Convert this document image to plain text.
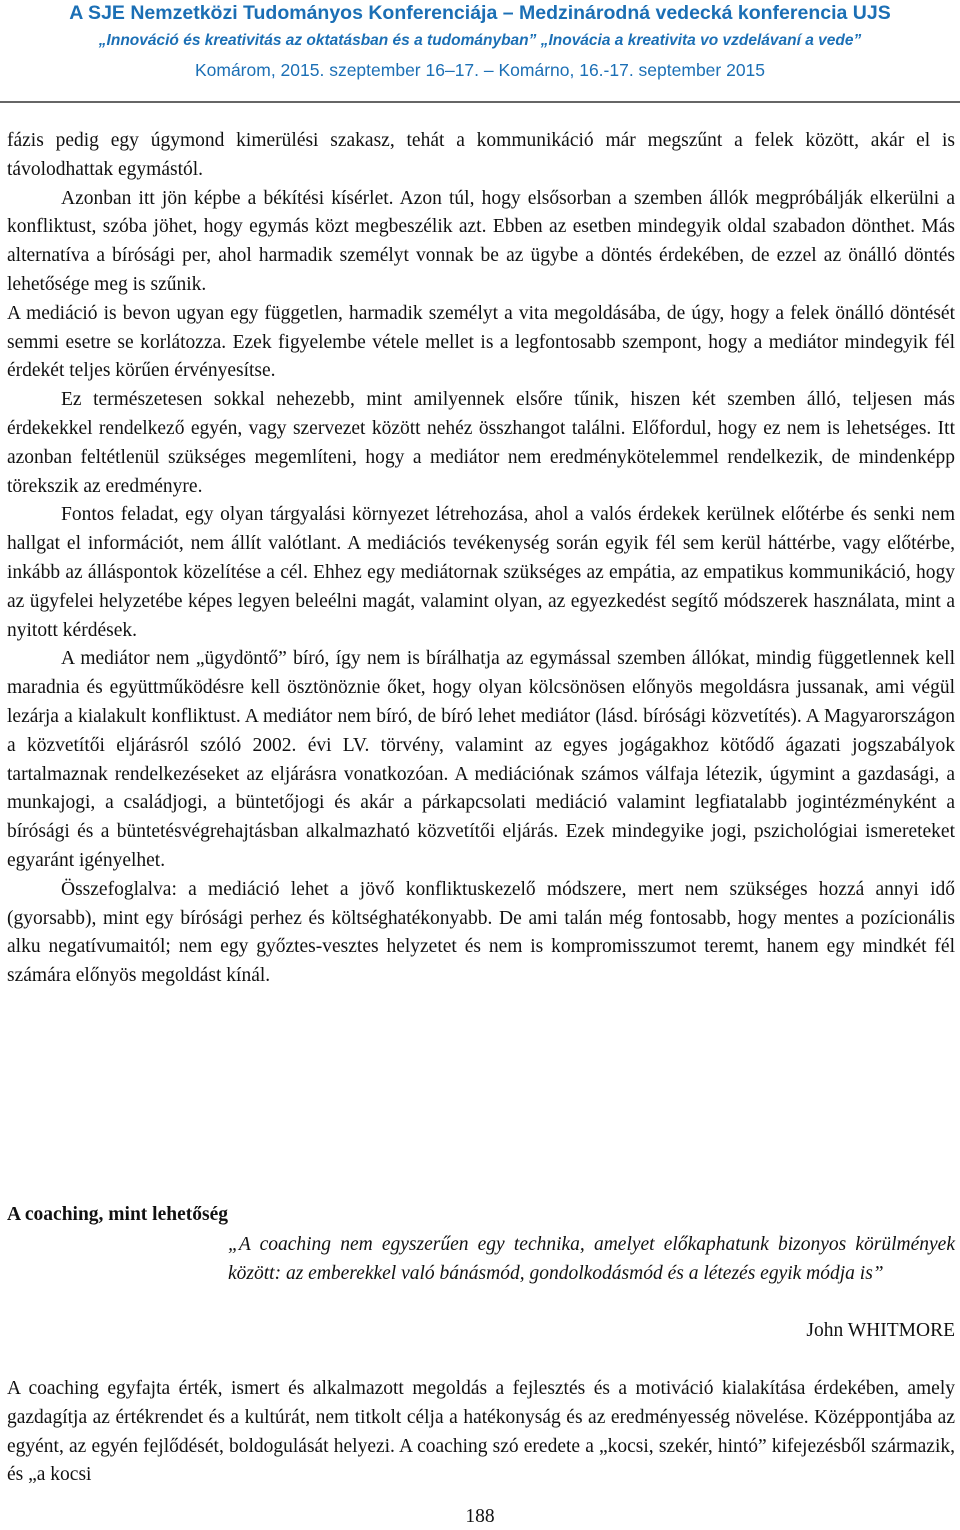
A SJE Nemzetközi Tudományos Konferenciája – Medzinárodná vedecká konferencia UJS
„Innováció és kreativitás az oktatásban és a tudományban” „Inovácia a kreativita vo vzdelávaní a vede”
Komárom, 2015. szeptember 16–17. – Komárno, 16.-17. september 2015

fázis pedig egy úgymond kimerülési szakasz, tehát a kommunikáció már megszűnt a felek között, akár el is távolodhattak egymástól.

Azonban itt jön képbe a békítési kísérlet. Azon túl, hogy elsősorban a szemben állók megpróbálják elkerülni a konfliktust, szóba jöhet, hogy egymás közt megbeszélik azt. Ebben az esetben mindegyik oldal szabadon dönthet. Más alternatíva a bírósági per, ahol harmadik személyt vonnak be az ügybe a döntés érdekében, de ezzel az önálló döntés lehetősége meg is szűnik.

A mediáció is bevon ugyan egy független, harmadik személyt a vita megoldásába, de úgy, hogy a felek önálló döntését semmi esetre se korlátozza. Ezek figyelembe vétele mellet is a legfontosabb szempont, hogy a mediátor mindegyik fél érdekét teljes körűen érvényesítse.

Ez természetesen sokkal nehezebb, mint amilyennek elsőre tűnik, hiszen két szemben álló, teljesen más érdekekkel rendelkező egyén, vagy szervezet között nehéz összhangot találni. Előfordul, hogy ez nem is lehetséges. Itt azonban feltétlenül szükséges megemlíteni, hogy a mediátor nem eredménykötelemmel rendelkezik, de mindenképp törekszik az eredményre.

Fontos feladat, egy olyan tárgyalási környezet létrehozása, ahol a valós érdekek kerülnek előtérbe és senki nem hallgat el információt, nem állít valótlant. A mediációs tevékenység során egyik fél sem kerül háttérbe, vagy előtérbe, inkább az álláspontok közelítése a cél. Ehhez egy mediátornak szükséges az empátia, az empatikus kommunikáció, hogy az ügyfelei helyzetébe képes legyen beleélni magát, valamint olyan, az egyezkedést segítő módszerek használata, mint a nyitott kérdések.

A mediátor nem „ügydöntő” bíró, így nem is bírálhatja az egymással szemben állókat, mindig függetlennek kell maradnia és együttműködésre kell ösztönöznie őket, hogy olyan kölcsönösen előnyös megoldásra jussanak, ami végül lezárja a kialakult konfliktust. A mediátor nem bíró, de bíró lehet mediátor (lásd. bírósági közvetítés). A Magyarországon a közvetítői eljárásról szóló 2002. évi LV. törvény, valamint az egyes jogágakhoz kötődő ágazati jogszabályok tartalmaznak rendelkezéseket az eljárásra vonatkozóan. A mediációnak számos válfaja létezik, úgymint a gazdasági, a munkajogi, a családjogi, a büntetőjogi és akár a párkapcsolati mediáció valamint legfiatalabb jogintézményként a bírósági és a büntetésvégrehajtásban alkalmazható közvetítői eljárás. Ezek mindegyike jogi, pszichológiai ismereteket egyaránt igényelhet.

Összefoglalva: a mediáció lehet a jövő konfliktuskezelő módszere, mert nem szükséges hozzá annyi idő (gyorsabb), mint egy bírósági perhez és költséghatékonyabb. De ami talán még fontosabb, hogy mentes a pozícionális alku negatívumaitól; nem egy győztes-vesztes helyzetet és nem is kompromisszumot teremt, hanem egy mindkét fél számára előnyös megoldást kínál.

A coaching, mint lehetőség
„A coaching nem egyszerűen egy technika, amelyet előkaphatunk bizonyos körülmények között: az emberekkel való bánásmód, gondolkodásmód és a létezés egyik módja is”
John WHITMORE

A coaching egyfajta érték, ismert és alkalmazott megoldás a fejlesztés és a motiváció kialakítása érdekében, amely gazdagítja az értékrendet és a kultúrát, nem titkolt célja a hatékonyság és az eredményesség növelése. Középpontjába az egyént, az egyén fejlődését, boldogulását helyezi. A coaching szó eredete a „kocsi, szekér, hintó” kifejezésből származik, és „a kocsi

188
